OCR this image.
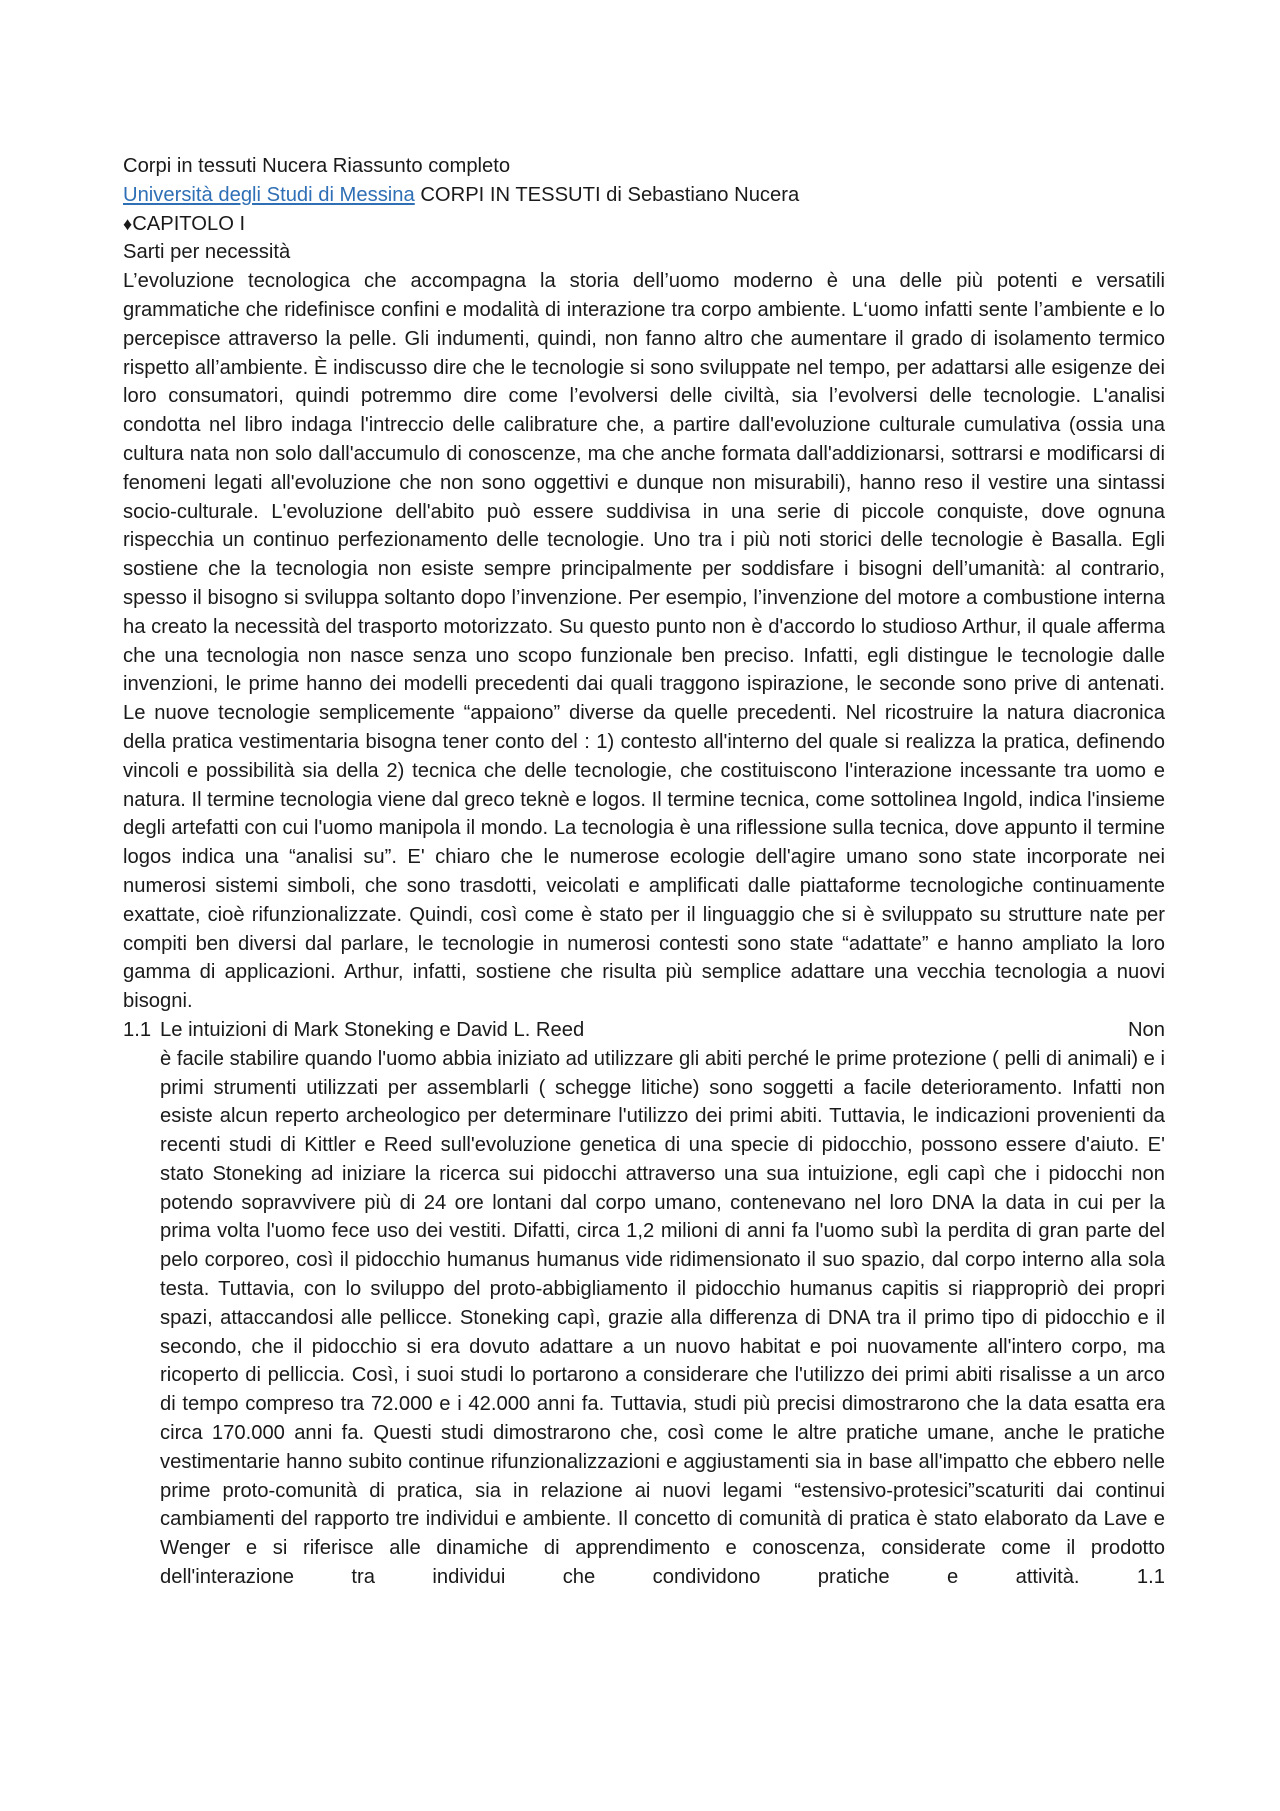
Corpi in tessuti Nucera Riassunto completo
Università degli Studi di Messina CORPI IN TESSUTI di Sebastiano Nucera
♦CAPITOLO I
Sarti per necessità
L’evoluzione tecnologica che accompagna la storia dell’uomo moderno è una delle più potenti e versatili grammatiche che ridefinisce confini e modalità di interazione tra corpo ambiente. L‘uomo infatti sente l’ambiente e lo percepisce attraverso la pelle. Gli indumenti, quindi, non fanno altro che aumentare il grado di isolamento termico rispetto all’ambiente. È indiscusso dire che le tecnologie si sono sviluppate nel tempo, per adattarsi alle esigenze dei loro consumatori, quindi potremmo dire come l’evolversi delle civiltà, sia l’evolversi delle tecnologie. L'analisi condotta nel libro indaga l'intreccio delle calibrature che, a partire dall'evoluzione culturale cumulativa (ossia una cultura nata non solo dall'accumulo di conoscenze, ma che anche formata dall'addizionarsi, sottrarsi e modificarsi di fenomeni legati all'evoluzione che non sono oggettivi e dunque non misurabili), hanno reso il vestire una sintassi socio-culturale. L'evoluzione dell'abito può essere suddivisa in una serie di piccole conquiste, dove ognuna rispecchia un continuo perfezionamento delle tecnologie. Uno tra i più noti storici delle tecnologie è Basalla. Egli sostiene che la tecnologia non esiste sempre principalmente per soddisfare i bisogni dell’umanità: al contrario, spesso il bisogno si sviluppa soltanto dopo l’invenzione. Per esempio, l’invenzione del motore a combustione interna ha creato la necessità del trasporto motorizzato. Su questo punto non è d'accordo lo studioso Arthur, il quale afferma che una tecnologia non nasce senza uno scopo funzionale ben preciso. Infatti, egli distingue le tecnologie dalle invenzioni, le prime hanno dei modelli precedenti dai quali traggono ispirazione, le seconde sono prive di antenati. Le nuove tecnologie semplicemente “appaiono” diverse da quelle precedenti. Nel ricostruire la natura diacronica della pratica vestimentaria bisogna tener conto del : 1) contesto all'interno del quale si realizza la pratica, definendo vincoli e possibilità sia della 2) tecnica che delle tecnologie, che costituiscono l'interazione incessante tra uomo e natura. Il termine tecnologia viene dal greco teknè e logos. Il termine tecnica, come sottolinea Ingold, indica l'insieme degli artefatti con cui l'uomo manipola il mondo. La tecnologia è una riflessione sulla tecnica, dove appunto il termine logos indica una “analisi su”. E' chiaro che le numerose ecologie dell'agire umano sono state incorporate nei numerosi sistemi simboli, che sono trasdotti, veicolati e amplificati dalle piattaforme tecnologiche continuamente exattate, cioè rifunzionalizzate. Quindi, così come è stato per il linguaggio che si è sviluppato su strutture nate per compiti ben diversi dal parlare, le tecnologie in numerosi contesti sono state “adattate” e hanno ampliato la loro gamma di applicazioni. Arthur, infatti, sostiene che risulta più semplice adattare una vecchia tecnologia a nuovi bisogni.
1.1 Le intuizioni di Mark Stoneking e David L. Reed	Non
è facile stabilire quando l'uomo abbia iniziato ad utilizzare gli abiti perché le prime protezione ( pelli di animali) e i primi strumenti utilizzati per assemblarli ( schegge litiche) sono soggetti a facile deterioramento. Infatti non esiste alcun reperto archeologico per determinare l'utilizzo dei primi abiti. Tuttavia, le indicazioni provenienti da recenti studi di Kittler e Reed sull'evoluzione genetica di una specie di pidocchio, possono essere d'aiuto. E' stato Stoneking ad iniziare la ricerca sui pidocchi attraverso una sua intuizione, egli capì che i pidocchi non potendo sopravvivere più di 24 ore lontani dal corpo umano, contenevano nel loro DNA la data in cui per la prima volta l'uomo fece uso dei vestiti. Difatti, circa 1,2 milioni di anni fa l'uomo subì la perdita di gran parte del pelo corporeo, così il pidocchio humanus humanus vide ridimensionato il suo spazio, dal corpo interno alla sola testa. Tuttavia, con lo sviluppo del proto-abbigliamento il pidocchio humanus capitis si riappropriò dei propri spazi, attaccandosi alle pellicce. Stoneking capì, grazie alla differenza di DNA tra il primo tipo di pidocchio e il secondo, che il pidocchio si era dovuto adattare a un nuovo habitat e poi nuovamente all'intero corpo, ma ricoperto di pelliccia. Così, i suoi studi lo portarono a considerare che l'utilizzo dei primi abiti risalisse a un arco di tempo compreso tra 72.000 e i 42.000 anni fa. Tuttavia, studi più precisi dimostrarono che la data esatta era circa 170.000 anni fa. Questi studi dimostrarono che, così come le altre pratiche umane, anche le pratiche vestimentarie hanno subito continue rifunzionalizzazioni e aggiustamenti sia in base all'impatto che ebbero nelle prime proto-comunità di pratica, sia in relazione ai nuovi legami “estensivo-protesici”scaturiti dai continui cambiamenti del rapporto tre individui e ambiente. Il concetto di comunità di pratica è stato elaborato da Lave e Wenger e si riferisce alle dinamiche di apprendimento e conoscenza, considerate come il prodotto dell'interazione tra individui che condividono pratiche e attività. 1.1
